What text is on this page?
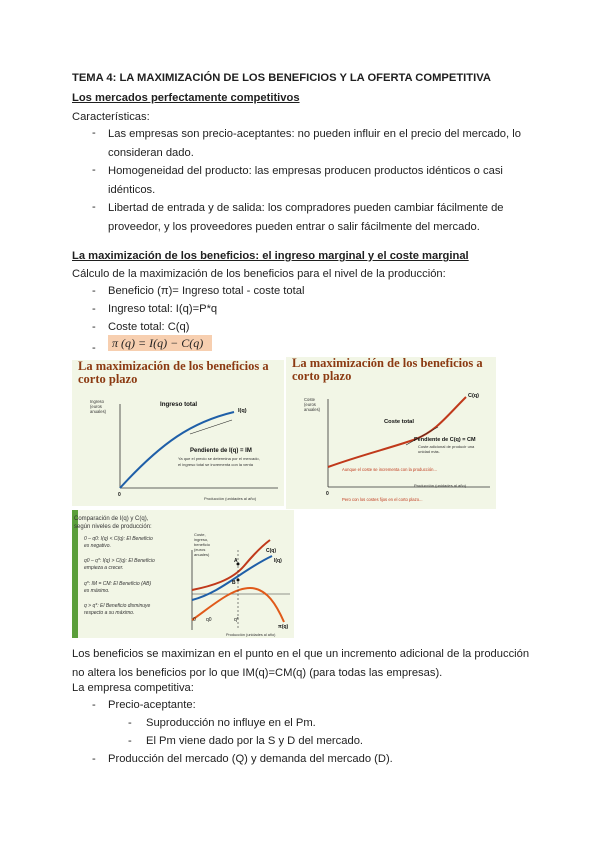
TEMA 4: LA MAXIMIZACIÓN DE LOS BENEFICIOS Y LA OFERTA COMPETITIVA
Los mercados perfectamente competitivos
Características:
- Las empresas son precio-aceptantes: no pueden influir en el precio del mercado, lo
consideran dado.
- Homogeneidad del producto: las empresas producen productos idénticos o casi
idénticos.
- Libertad de entrada y de salida: los compradores pueden cambiar fácilmente de
proveedor, y los proveedores pueden entrar o salir fácilmente del mercado.
La maximización de los beneficios: el ingreso marginal y el coste marginal
Cálculo de la maximización de los beneficios para el nivel de la producción:
- Beneficio (π)= Ingreso total - coste total
- Ingreso total: I(q)=P*q
- Coste total: C(q)
-	π (q) = I(q) − C(q)
La maximización de los beneficios a
corto plazo
Ingreso
(euros
anuales)
Ingreso total
I(q)
Pendiente de I(q) = IM
Ya que el precio se determina por el mercado,
el ingreso total se incrementa con la venta
0
Producción (unidades al año)
La maximización de los beneficios a
corto plazo
Coste
(euros
anuales)
C(q)
Coste total
Pendiente de C(q) = CM
Coste adicional de producir una
unidad más.
Aunque el coste se incrementa con la producción...
0
Producción (unidades al año)
Pero con los costes fijos en el corto plazo...
Comparación de I(q) y C(q),
según niveles de producción:
0 – q0: I(q) < C(q): El Beneficio
es negativo.
q0 – q*: I(q) > C(q): El Beneficio
empieza a crecer.
q*: IM = CM: El Beneficio (AB)
es máximo.
q > q*: El Beneficio disminuye
respecto a su máximo.
Coste,
ingreso,
beneficio
(euros
anuales)
A
B
C(q)
I(q)
π(q)
0 q0	q*
Producción (unidades al año)
Los beneficios se maximizan en el punto en el que un incremento adicional de la producción
no altera los beneficios por lo que IM(q)=CM(q) (para todas las empresas).
La empresa competitiva:
- Precio-aceptante:
- Suproducción no influye en el Pm.
- El Pm viene dado por la S y D del mercado.
- Producción del mercado (Q) y demanda del mercado (D).
